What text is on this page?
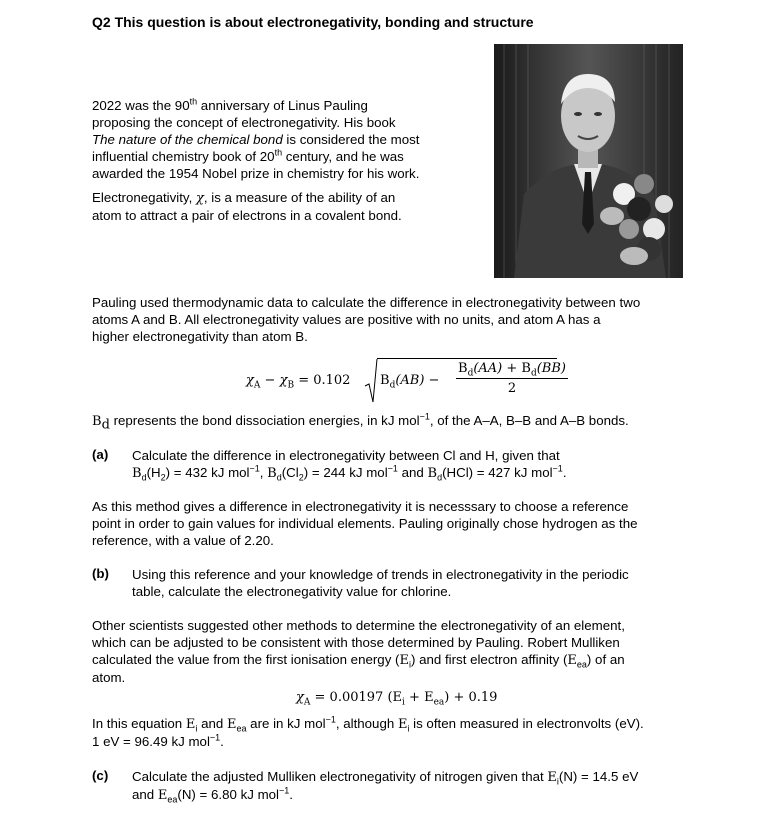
Q2 This question is about electronegativity, bonding and structure
2022 was the 90th anniversary of Linus Pauling
proposing the concept of electronegativity. His book
The nature of the chemical bond is considered the most
influential chemistry book of 20th century, and he was
awarded the 1954 Nobel prize in chemistry for his work.
Electronegativity, χ, is a measure of the ability of an
atom to attract a pair of electrons in a covalent bond.
Pauling used thermodynamic data to calculate the difference in electronegativity between two
atoms A and B. All electronegativity values are positive with no units, and atom A has a
higher electronegativity than atom B.
$\chi_A - \chi_B = 0.102$ $B_d(AB) - \frac{B_d(AA) + B_d(BB)}{2}$
$B_d$ represents the bond dissociation energies, in kJ mol$^{-1}$, of the A–A, B–B and A–B bonds.
(a) Calculate the difference in electronegativity between Cl and H, given that
$B_d(H_2) = 432$ kJ mol$^{-1}$, $B_d(Cl_2) = 244$ kJ mol$^{-1}$ and $B_d(HCl) = 427$ kJ mol$^{-1}$.
As this method gives a difference in electronegativity it is necesssary to choose a reference
point in order to gain values for individual elements. Pauling originally chose hydrogen as the
reference, with a value of 2.20.
(b) Using this reference and your knowledge of trends in electronegativity in the periodic
table, calculate the electronegativity value for chlorine.
Other scientists suggested other methods to determine the electronegativity of an element,
which can be adjusted to be consistent with those determined by Pauling. Robert Mulliken
calculated the value from the first ionisation energy $(E_i)$ and first electron affinity $(E_{ea})$ of an
atom.
$\chi_A = 0.00197$ $(E_i + E_{ea}) + 0.19$
In this equation $E_i$ and $E_{ea}$ are in kJ mol$^{-1}$, although $E_i$ is often measured in electronvolts (eV).
1 eV = 96.49 kJ mol$^{-1}$.
(c) Calculate the adjusted Mulliken electronegativity of nitrogen given that $E_i(N) = 14.5$ eV
and $E_{ea}(N) = 6.80$ kJ mol$^{-1}$.
